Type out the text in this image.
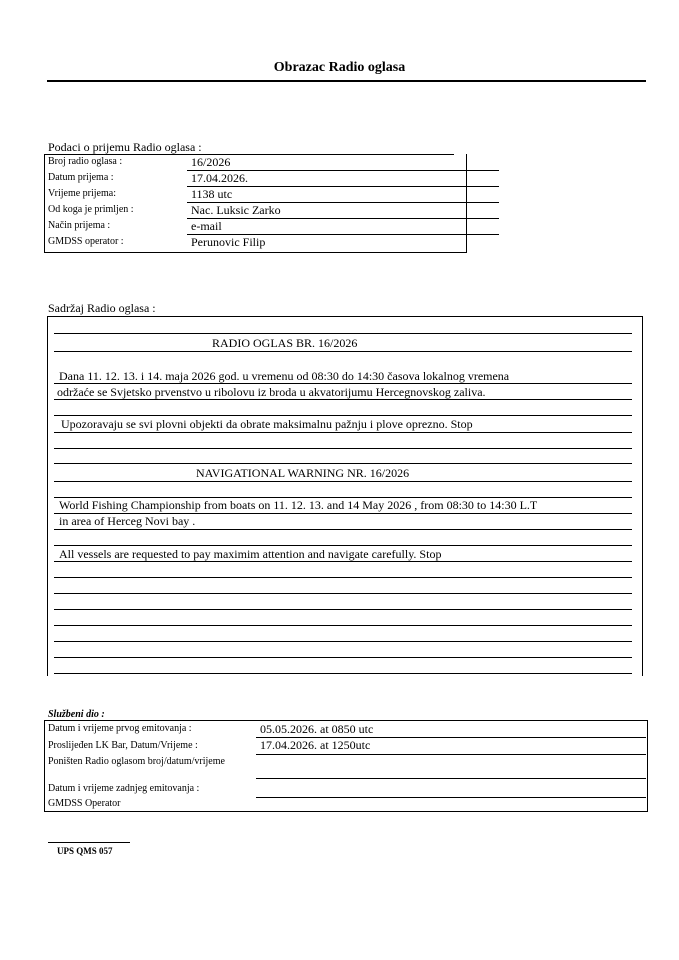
Obrazac Radio oglasa
Podaci o prijemu Radio oglasa :
Broj radio oglasa :	16/2026
Datum prijema :	17.04.2026.
Vrijeme prijema:	1138 utc
Od koga je primljen :	Nac. Luksic Zarko
Način prijema :	e-mail
GMDSS operator :	Perunovic Filip
Sadržaj Radio oglasa :
RADIO OGLAS BR. 16/2026
Dana 11. 12. 13. i 14. maja 2026 god. u vremenu od 08:30 do 14:30 časova lokalnog vremena
održaće se Svjetsko prvenstvo u ribolovu iz broda u akvatorijumu Hercegnovskog zaliva.
Upozoravaju se svi plovni objekti da obrate maksimalnu pažnju i plove oprezno. Stop
NAVIGATIONAL WARNING NR. 16/2026
World Fishing Championship from boats on 11. 12. 13. and 14 May 2026 , from 08:30 to 14:30 L.T
in area of Herceg Novi bay .
All vessels are requested to pay maximim attention and navigate carefully. Stop
Službeni dio :
Datum i vrijeme prvog emitovanja :	05.05.2026. at 0850 utc
Proslijeđen LK Bar, Datum/Vrijeme :	17.04.2026. at 1250utc
Poništen Radio oglasom broj/datum/vrijeme
Datum i vrijeme zadnjeg emitovanja :
GMDSS Operator
UPS QMS 057
